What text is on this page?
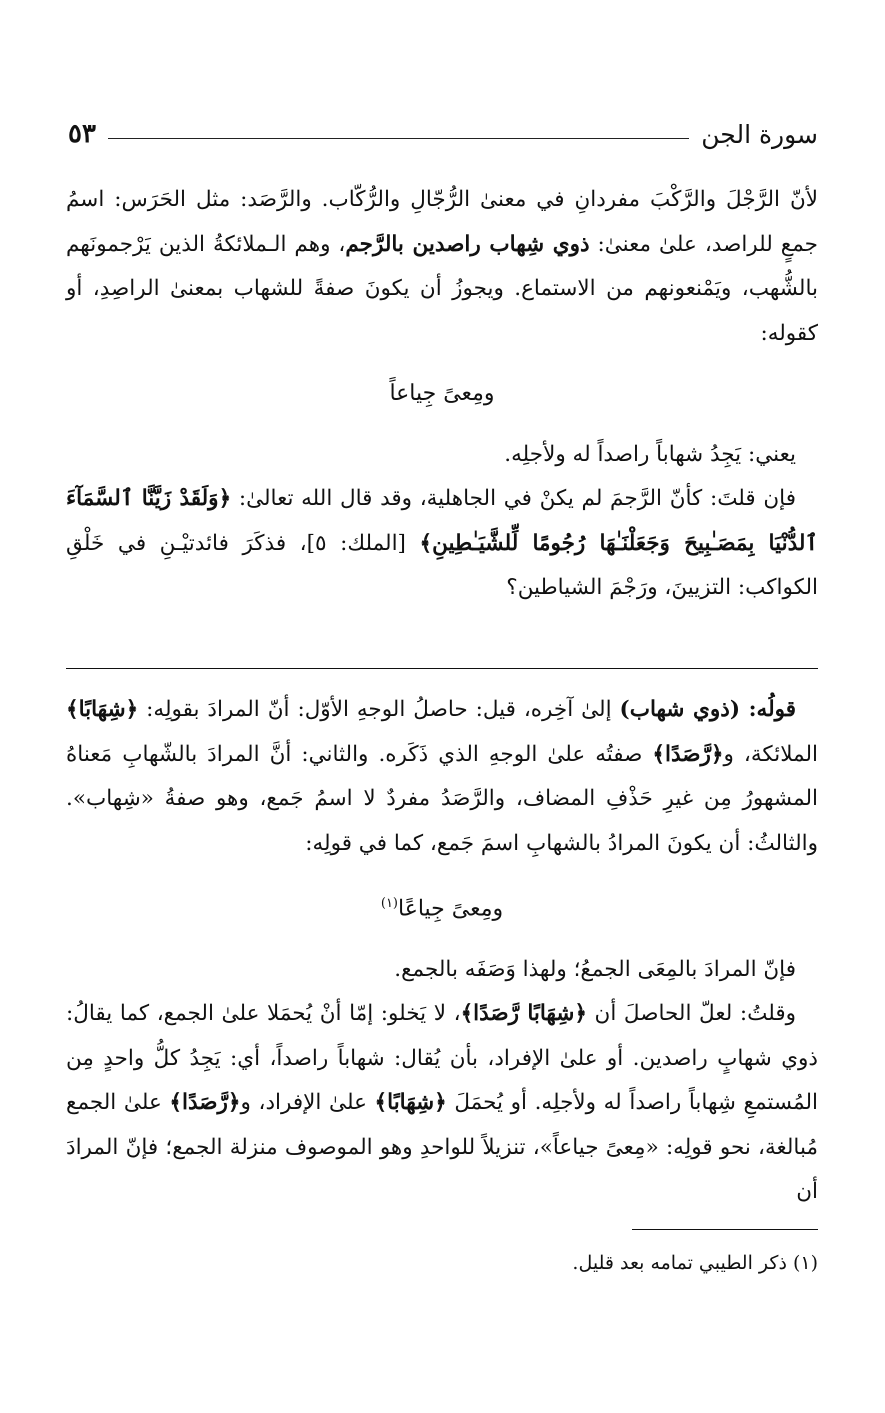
سورة الجن
٥٣

لأنّ الرَّجْلَ والرَّكْبَ مفردانِ في معنىٰ الرُّجّالِ والرُّكّاب. والرَّصَد: مثل الحَرَس: اسمُ جمعٍ للراصد، علىٰ معنىٰ: ذوي شِهاب راصدين بالرَّجم، وهم الـملائكةُ الذين يَرْجمونَهم بالشُّهب، ويَمْنعونهم من الاستماع. ويجوزُ أن يكونَ صفةً للشهاب بمعنىٰ الراصِدِ، أو كقوله:

ومِعىً جِياعاً

يعني: يَجِدُ شهاباً راصداً له ولأجلِه.

فإن قلتَ: كأنّ الرَّجمَ لم يكنْ في الجاهلية، وقد قال الله تعالىٰ: ﴿وَلَقَدْ زَيَّنَّا ٱلسَّمَآءَ ٱلدُّنْيَا بِمَصَـٰبِيحَ وَجَعَلْنَـٰهَا رُجُومًا لِّلشَّيَـٰطِينِ﴾ [الملك: ٥]، فذكَرَ فائدتيْـنِ في خَلْقِ الكواكب: التزيينَ، ورَجْمَ الشياطين؟

قولُه: (ذوي شهاب) إلىٰ آخِره، قيل: حاصلُ الوجهِ الأوّل: أنّ المرادَ بقولِه: ﴿شِهَابًا﴾ الملائكة، و﴿رَّصَدًا﴾ صفتُه علىٰ الوجهِ الذي ذَكَره. والثاني: أنَّ المرادَ بالشّهابِ مَعناهُ المشهورُ مِن غيرِ حَذْفِ المضاف، والرَّصَدُ مفردٌ لا اسمُ جَمع، وهو صفةُ «شِهاب». والثالثُ: أن يكونَ المرادُ بالشهابِ اسمَ جَمع، كما في قولِه:

ومِعىً جِياعًا$^{(١)}$

فإنّ المرادَ بالمِعَى الجمعُ؛ ولهذا وَصَفَه بالجمع.

وقلتُ: لعلّ الحاصلَ أن ﴿شِهَابًا رَّصَدًا﴾، لا يَخلو: إمّا أنْ يُحمَلا علىٰ الجمع، كما يقالُ: ذوي شهابٍ راصدين. أو علىٰ الإفراد، بأن يُقال: شهاباً راصداً، أي: يَجِدُ كلُّ واحدٍ مِن المُستمعِ شِهاباً راصداً له ولأجلِه. أو يُحمَلَ ﴿شِهَابًا﴾ علىٰ الإفراد، و﴿رَّصَدًا﴾ علىٰ الجمع مُبالغة، نحو قولِه: «مِعىً جياعاً»، تنزيلاً للواحدِ وهو الموصوف منزلة الجمع؛ فإنّ المرادَ أن

(١) ذكر الطيبي تمامه بعد قليل.
